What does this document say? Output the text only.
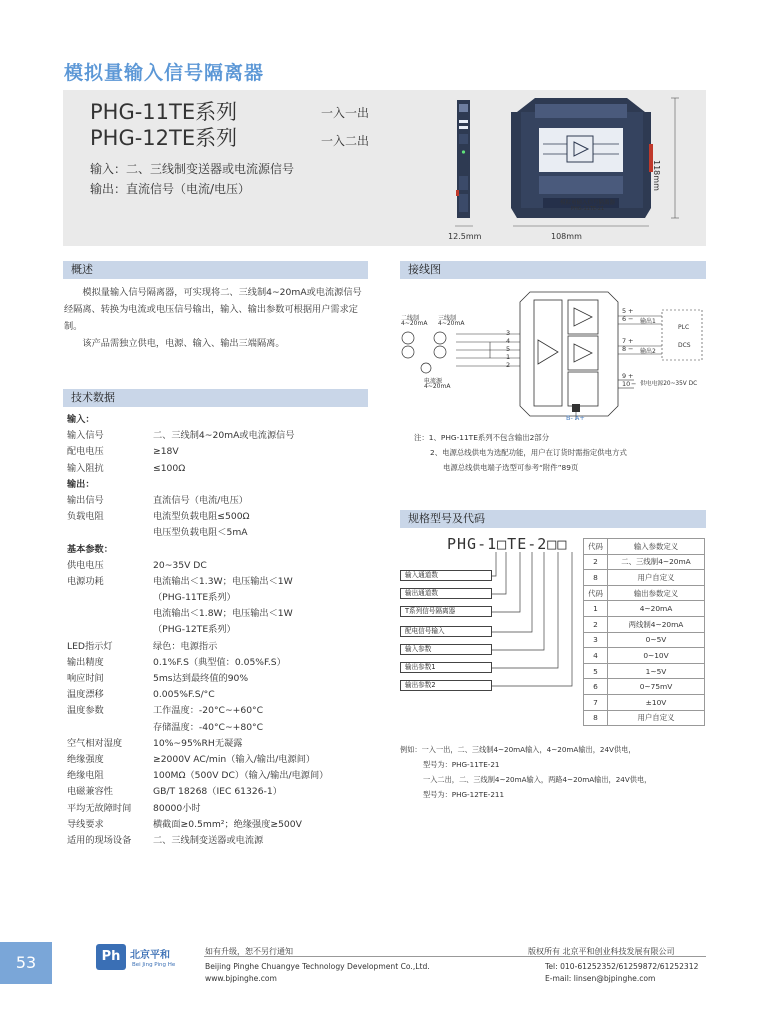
模拟量输入信号隔离器
PHG-11TE系列	一入一出
PHG-12TE系列	一入二出
输入：二、三线制变送器或电流源信号
输出：直流信号（电流/电压）
模拟量输入信号隔离器
PHG-11TE-21
12.5mm	108mm
118mm
概述

模拟量输入信号隔离器，可实现将二、三线制4~20mA或电流源信号经隔离、转换为电流或电压信号输出，输入、输出参数可根据用户需求定制。

该产品需独立供电，电源、输入、输出三端隔离。

接线图
二线制
4~20mA
三线制
4~20mA
电流源
4~20mA
3
4
5
1
2
5 +
6 −
7 +
8 −
9 +
10 −
输出1
输出2
PLC
DCS
供电电源20~35V DC
B- A+
注：1、PHG-11TE系列不包含输出2部分
2、电源总线供电为选配功能，用户在订货时需指定供电方式
电源总线供电端子选型可参考“附件”89页
技术数据
输入：
输入信号	二、三线制4~20mA或电流源信号
配电电压	≥18V
输入阻抗	≤100Ω
输出：
输出信号	直流信号（电流/电压）
负载电阻	电流型负载电阻≤500Ω
电压型负载电阻＜5mA
基本参数：
供电电压	20~35V DC
电源功耗	电流输出＜1.3W；电压输出＜1W
（PHG-11TE系列）
电流输出＜1.8W；电压输出＜1W
（PHG-12TE系列）
LED指示灯	绿色：电源指示
输出精度	0.1%F.S（典型值：0.05%F.S）
响应时间	5ms达到最终值的90%
温度漂移	0.005%F.S/°C
温度参数	工作温度：-20°C~+60°C
存储温度：-40°C~+80°C
空气相对湿度	10%~95%RH无凝露
绝缘强度	≥2000V AC/min（输入/输出/电源间）
绝缘电阻	100MΩ（500V DC）（输入/输出/电源间）
电磁兼容性	GB/T 18268（IEC 61326-1）
平均无故障时间 80000小时
导线要求	横截面≥0.5mm²；绝缘强度≥500V
适用的现场设备 二、三线制变送器或电流源
规格型号及代码
PHG-1□TE-2□□
输入通道数
输出通道数
T系列信号隔离器
配电信号输入
输入参数
输出参数1
输出参数2
代码	输入参数定义
2	二、三线制4~20mA
8	用户自定义
代码	输出参数定义
1	4~20mA
2	两线制4~20mA
3	0~5V
4	0~10V
5	1~5V
6	0~75mV
7	±10V
8	用户自定义
例如：一入一出，二、三线制4~20mA输入，4~20mA输出，24V供电，
型号为：PHG-11TE-21
一入二出，二、三线制4~20mA输入，两路4~20mA输出，24V供电，
型号为：PHG-12TE-211
53	Ph 北京平和
Bei Jing Ping He
如有升级，恕不另行通知	版权所有 北京平和创业科技发展有限公司
Beijing Pinghe Chuangye Technology Development Co.,Ltd.
www.bjpinghe.com
Tel: 010-61252352/61259872/61252312
E-mail: linsen@bjpinghe.com
